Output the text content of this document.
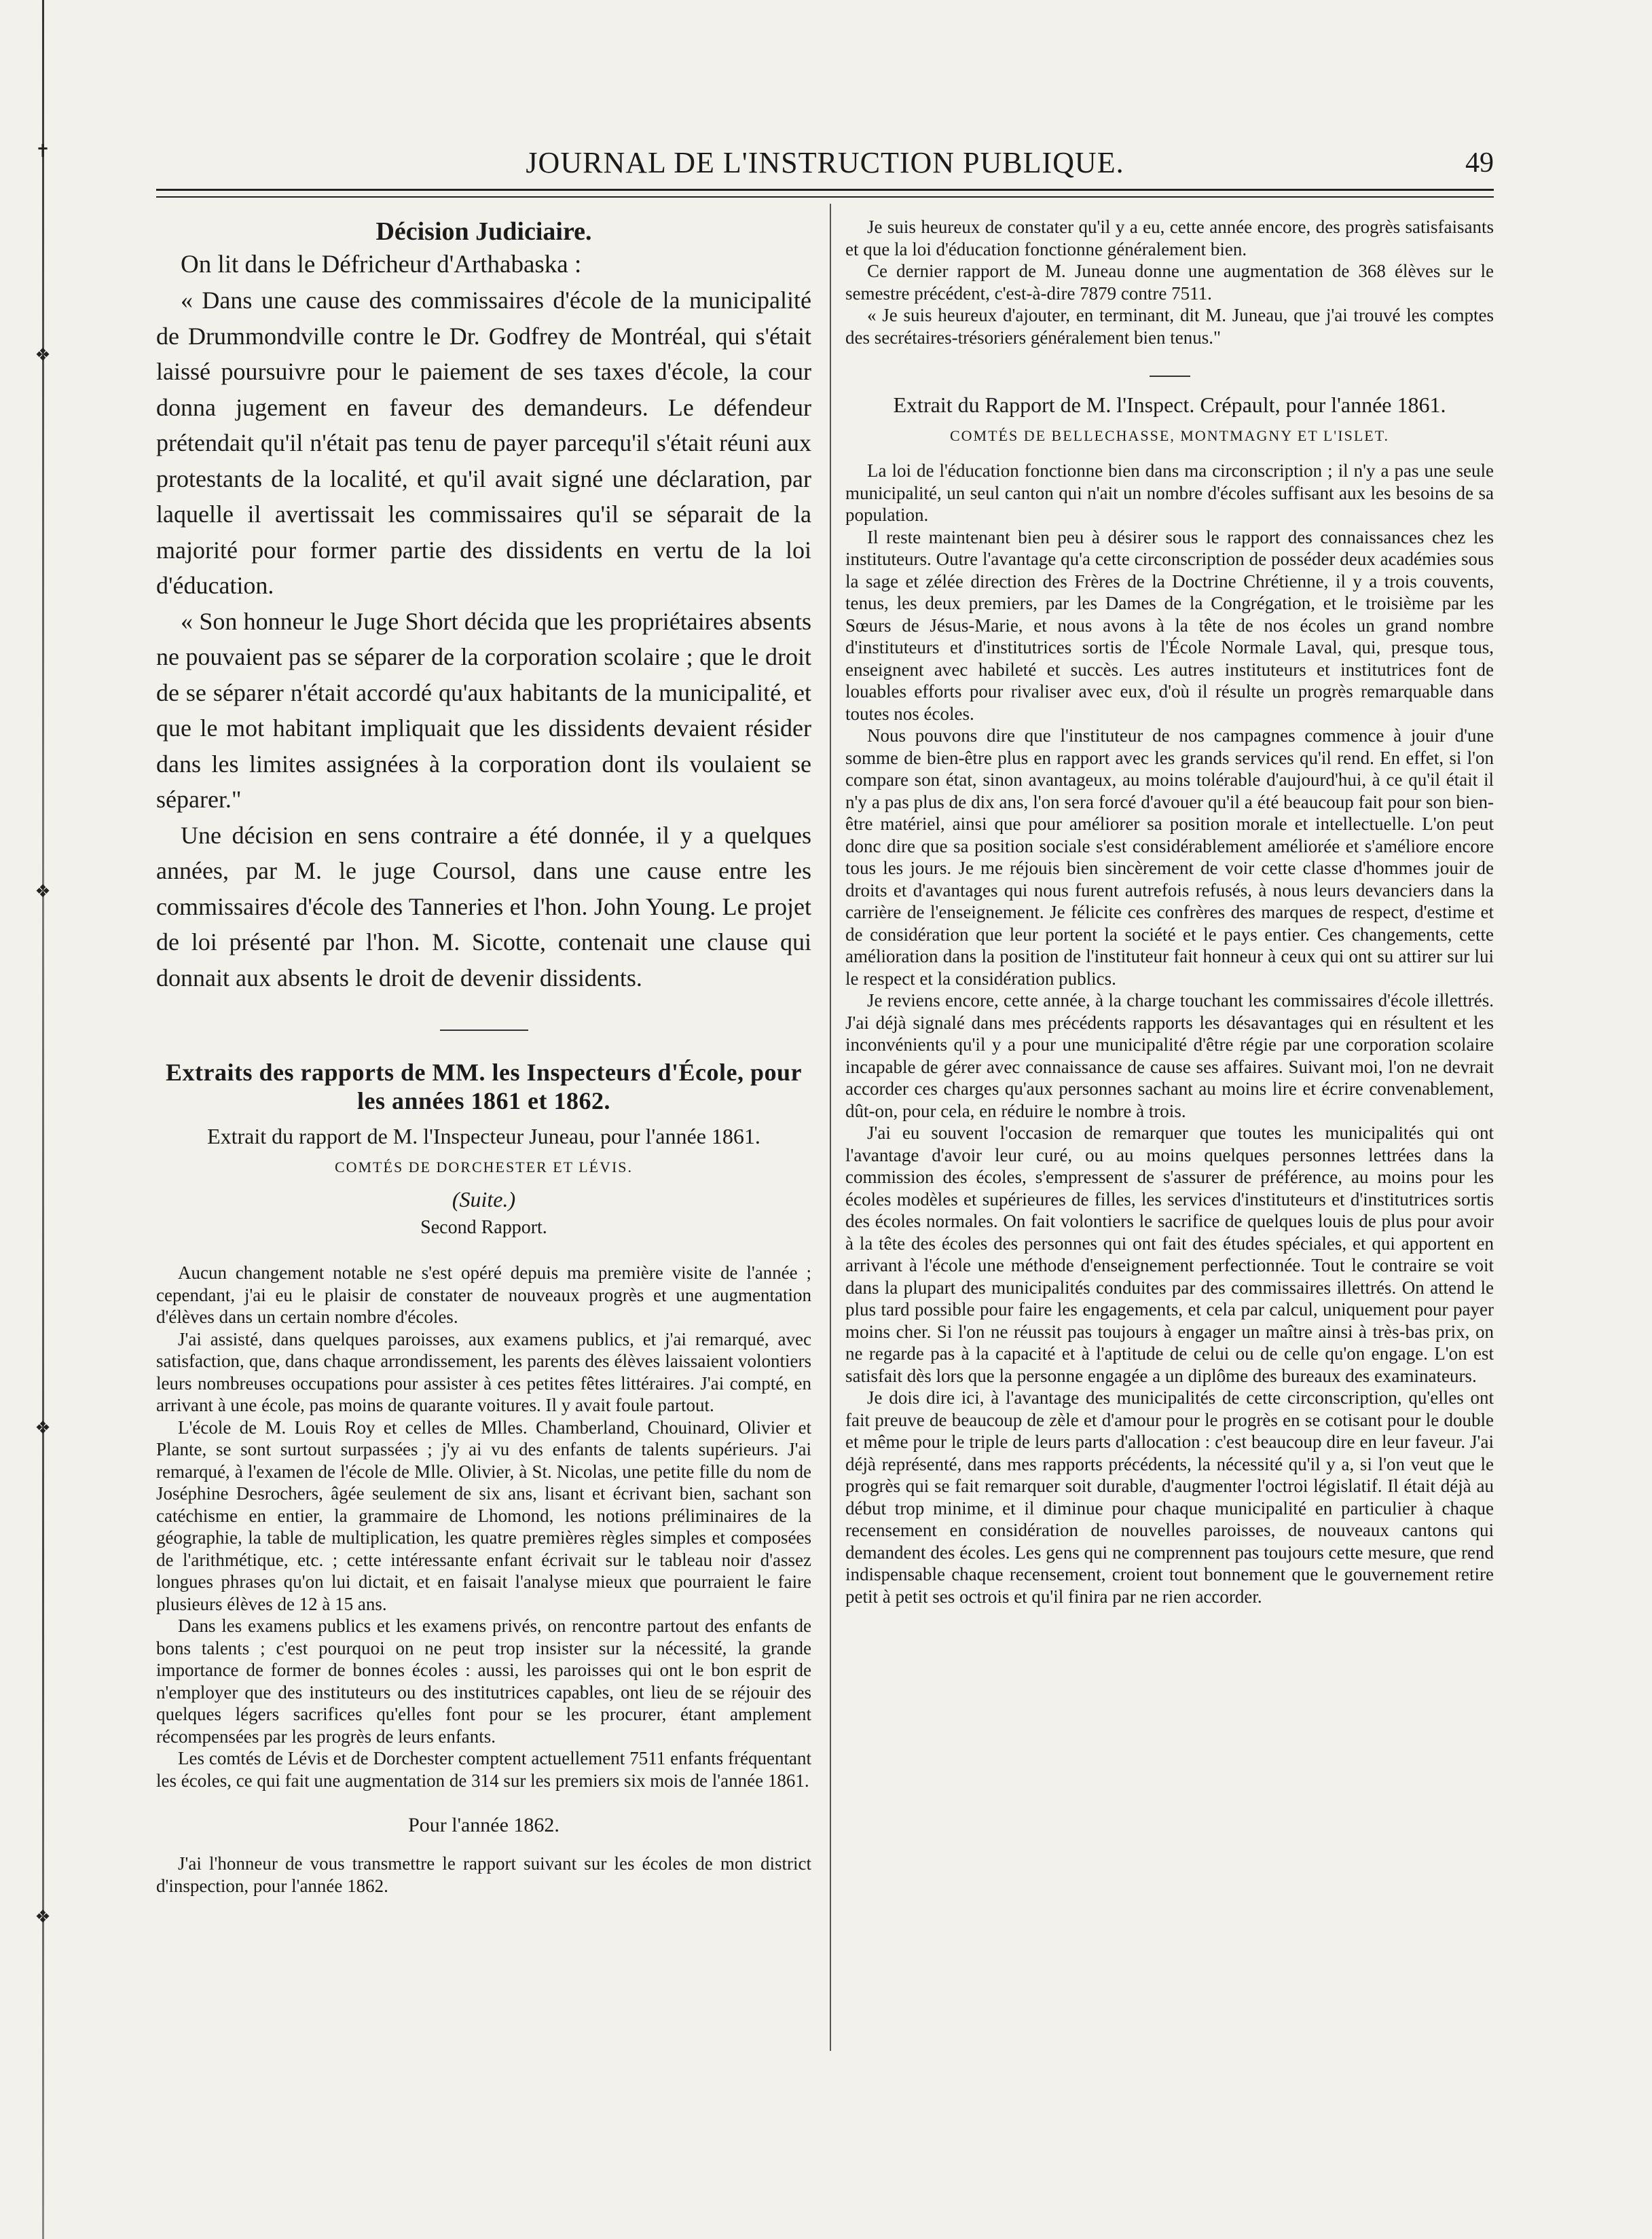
✝
❖
❖
❖
❖
JOURNAL DE L'INSTRUCTION PUBLIQUE.	49
Décision Judiciaire.

On lit dans le Défricheur d'Arthabaska :

« Dans une cause des commissaires d'école de la municipalité de Drummondville contre le Dr. Godfrey de Montréal, qui s'était laissé poursuivre pour le paiement de ses taxes d'école, la cour donna jugement en faveur des demandeurs. Le défendeur prétendait qu'il n'était pas tenu de payer parcequ'il s'était réuni aux protestants de la localité, et qu'il avait signé une déclaration, par laquelle il avertissait les commissaires qu'il se séparait de la majorité pour former partie des dissidents en vertu de la loi d'éducation.

« Son honneur le Juge Short décida que les propriétaires absents ne pouvaient pas se séparer de la corporation scolaire ; que le droit de se séparer n'était accordé qu'aux habitants de la municipalité, et que le mot habitant impliquait que les dissidents devaient résider dans les limites assignées à la corporation dont ils voulaient se séparer."

Une décision en sens contraire a été donnée, il y a quelques années, par M. le juge Coursol, dans une cause entre les commissaires d'école des Tanneries et l'hon. John Young. Le projet de loi présenté par l'hon. M. Sicotte, contenait une clause qui donnait aux absents le droit de devenir dissidents.

Extraits des rapports de MM. les Inspecteurs d'École, pour les années 1861 et 1862.

Extrait du rapport de M. l'Inspecteur Juneau, pour l'année 1861.

COMTÉS DE DORCHESTER ET LÉVIS.

(Suite.)

Second Rapport.

Aucun changement notable ne s'est opéré depuis ma première visite de l'année ; cependant, j'ai eu le plaisir de constater de nouveaux progrès et une augmentation d'élèves dans un certain nombre d'écoles.

J'ai assisté, dans quelques paroisses, aux examens publics, et j'ai remarqué, avec satisfaction, que, dans chaque arrondissement, les parents des élèves laissaient volontiers leurs nombreuses occupations pour assister à ces petites fêtes littéraires. J'ai compté, en arrivant à une école, pas moins de quarante voitures. Il y avait foule partout.

L'école de M. Louis Roy et celles de Mlles. Chamberland, Chouinard, Olivier et Plante, se sont surtout surpassées ; j'y ai vu des enfants de talents supérieurs. J'ai remarqué, à l'examen de l'école de Mlle. Olivier, à St. Nicolas, une petite fille du nom de Joséphine Desrochers, âgée seulement de six ans, lisant et écrivant bien, sachant son catéchisme en entier, la grammaire de Lhomond, les notions préliminaires de la géographie, la table de multiplication, les quatre premières règles simples et composées de l'arithmétique, etc. ; cette intéressante enfant écrivait sur le tableau noir d'assez longues phrases qu'on lui dictait, et en faisait l'analyse mieux que pourraient le faire plusieurs élèves de 12 à 15 ans.

Dans les examens publics et les examens privés, on rencontre partout des enfants de bons talents ; c'est pourquoi on ne peut trop insister sur la nécessité, la grande importance de former de bonnes écoles : aussi, les paroisses qui ont le bon esprit de n'employer que des instituteurs ou des institutrices capables, ont lieu de se réjouir des quelques légers sacrifices qu'elles font pour se les procurer, étant amplement récompensées par les progrès de leurs enfants.

Les comtés de Lévis et de Dorchester comptent actuellement 7511 enfants fréquentant les écoles, ce qui fait une augmentation de 314 sur les premiers six mois de l'année 1861.

Pour l'année 1862.

J'ai l'honneur de vous transmettre le rapport suivant sur les écoles de mon district d'inspection, pour l'année 1862.

Je suis heureux de constater qu'il y a eu, cette année encore, des progrès satisfaisants et que la loi d'éducation fonctionne généralement bien.

Ce dernier rapport de M. Juneau donne une augmentation de 368 élèves sur le semestre précédent, c'est-à-dire 7879 contre 7511.

« Je suis heureux d'ajouter, en terminant, dit M. Juneau, que j'ai trouvé les comptes des secrétaires-trésoriers généralement bien tenus."

Extrait du Rapport de M. l'Inspect. Crépault, pour l'année 1861.

COMTÉS DE BELLECHASSE, MONTMAGNY ET L'ISLET.

La loi de l'éducation fonctionne bien dans ma circonscription ; il n'y a pas une seule municipalité, un seul canton qui n'ait un nombre d'écoles suffisant aux les besoins de sa population.

Il reste maintenant bien peu à désirer sous le rapport des connaissances chez les instituteurs. Outre l'avantage qu'a cette circonscription de posséder deux académies sous la sage et zélée direction des Frères de la Doctrine Chrétienne, il y a trois couvents, tenus, les deux premiers, par les Dames de la Congrégation, et le troisième par les Sœurs de Jésus-Marie, et nous avons à la tête de nos écoles un grand nombre d'instituteurs et d'institutrices sortis de l'École Normale Laval, qui, presque tous, enseignent avec habileté et succès. Les autres instituteurs et institutrices font de louables efforts pour rivaliser avec eux, d'où il résulte un progrès remarquable dans toutes nos écoles.

Nous pouvons dire que l'instituteur de nos campagnes commence à jouir d'une somme de bien-être plus en rapport avec les grands services qu'il rend. En effet, si l'on compare son état, sinon avantageux, au moins tolérable d'aujourd'hui, à ce qu'il était il n'y a pas plus de dix ans, l'on sera forcé d'avouer qu'il a été beaucoup fait pour son bien-être matériel, ainsi que pour améliorer sa position morale et intellectuelle. L'on peut donc dire que sa position sociale s'est considérablement améliorée et s'améliore encore tous les jours. Je me réjouis bien sincèrement de voir cette classe d'hommes jouir de droits et d'avantages qui nous furent autrefois refusés, à nous leurs devanciers dans la carrière de l'enseignement. Je félicite ces confrères des marques de respect, d'estime et de considération que leur portent la société et le pays entier. Ces changements, cette amélioration dans la position de l'instituteur fait honneur à ceux qui ont su attirer sur lui le respect et la considération publics.

Je reviens encore, cette année, à la charge touchant les commissaires d'école illettrés. J'ai déjà signalé dans mes précédents rapports les désavantages qui en résultent et les inconvénients qu'il y a pour une municipalité d'être régie par une corporation scolaire incapable de gérer avec connaissance de cause ses affaires. Suivant moi, l'on ne devrait accorder ces charges qu'aux personnes sachant au moins lire et écrire convenablement, dût-on, pour cela, en réduire le nombre à trois.

J'ai eu souvent l'occasion de remarquer que toutes les municipalités qui ont l'avantage d'avoir leur curé, ou au moins quelques personnes lettrées dans la commission des écoles, s'empressent de s'assurer de préférence, au moins pour les écoles modèles et supérieures de filles, les services d'instituteurs et d'institutrices sortis des écoles normales. On fait volontiers le sacrifice de quelques louis de plus pour avoir à la tête des écoles des personnes qui ont fait des études spéciales, et qui apportent en arrivant à l'école une méthode d'enseignement perfectionnée. Tout le contraire se voit dans la plupart des municipalités conduites par des commissaires illettrés. On attend le plus tard possible pour faire les engagements, et cela par calcul, uniquement pour payer moins cher. Si l'on ne réussit pas toujours à engager un maître ainsi à très-bas prix, on ne regarde pas à la capacité et à l'aptitude de celui ou de celle qu'on engage. L'on est satisfait dès lors que la personne engagée a un diplôme des bureaux des examinateurs.

Je dois dire ici, à l'avantage des municipalités de cette circonscription, qu'elles ont fait preuve de beaucoup de zèle et d'amour pour le progrès en se cotisant pour le double et même pour le triple de leurs parts d'allocation : c'est beaucoup dire en leur faveur. J'ai déjà représenté, dans mes rapports précédents, la nécessité qu'il y a, si l'on veut que le progrès qui se fait remarquer soit durable, d'augmenter l'octroi législatif. Il était déjà au début trop minime, et il diminue pour chaque municipalité en particulier à chaque recensement en considération de nouvelles paroisses, de nouveaux cantons qui demandent des écoles. Les gens qui ne comprennent pas toujours cette mesure, que rend indispensable chaque recensement, croient tout bonnement que le gouvernement retire petit à petit ses octrois et qu'il finira par ne rien accorder.
